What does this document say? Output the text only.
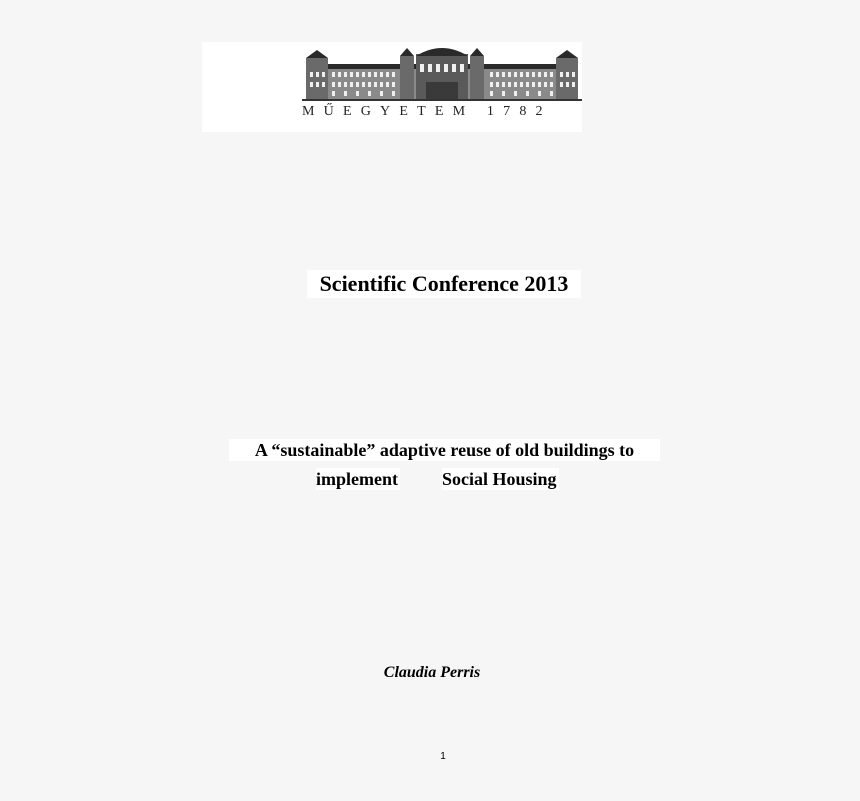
MŰEGYETEM 1782
Scientific Conference 2013
A “sustainable” adaptive reuse of old buildings to
implement Social Housing
Claudia Perris
1
